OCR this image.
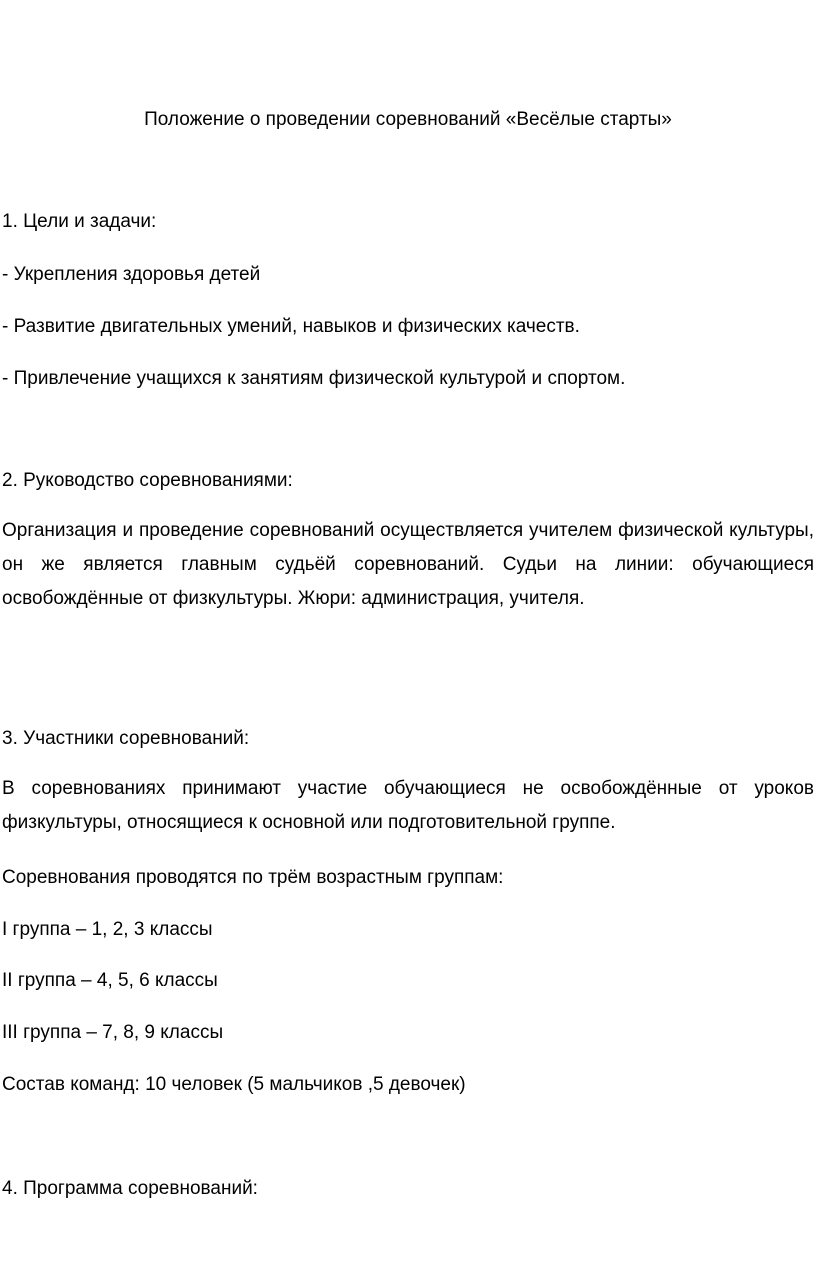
Положение о проведении соревнований «Весёлые старты»
1. Цели и задачи:
- Укрепления здоровья детей
- Развитие двигательных умений, навыков и физических качеств.
- Привлечение учащихся к занятиям физической культурой и спортом.
2. Руководство соревнованиями:
Организация и проведение соревнований осуществляется учителем физической культуры, он же является главным судьёй соревнований. Судьи на линии: обучающиеся освобождённые от физкультуры. Жюри: администрация, учителя.
3. Участники соревнований:
В соревнованиях принимают участие обучающиеся не освобождённые от уроков физкультуры, относящиеся к основной или подготовительной группе.
Соревнования проводятся по трём возрастным группам:
I группа – 1, 2, 3 классы
II группа – 4, 5, 6 классы
III группа – 7, 8, 9 классы
Состав команд: 10 человек (5 мальчиков ,5 девочек)
4. Программа соревнований:
